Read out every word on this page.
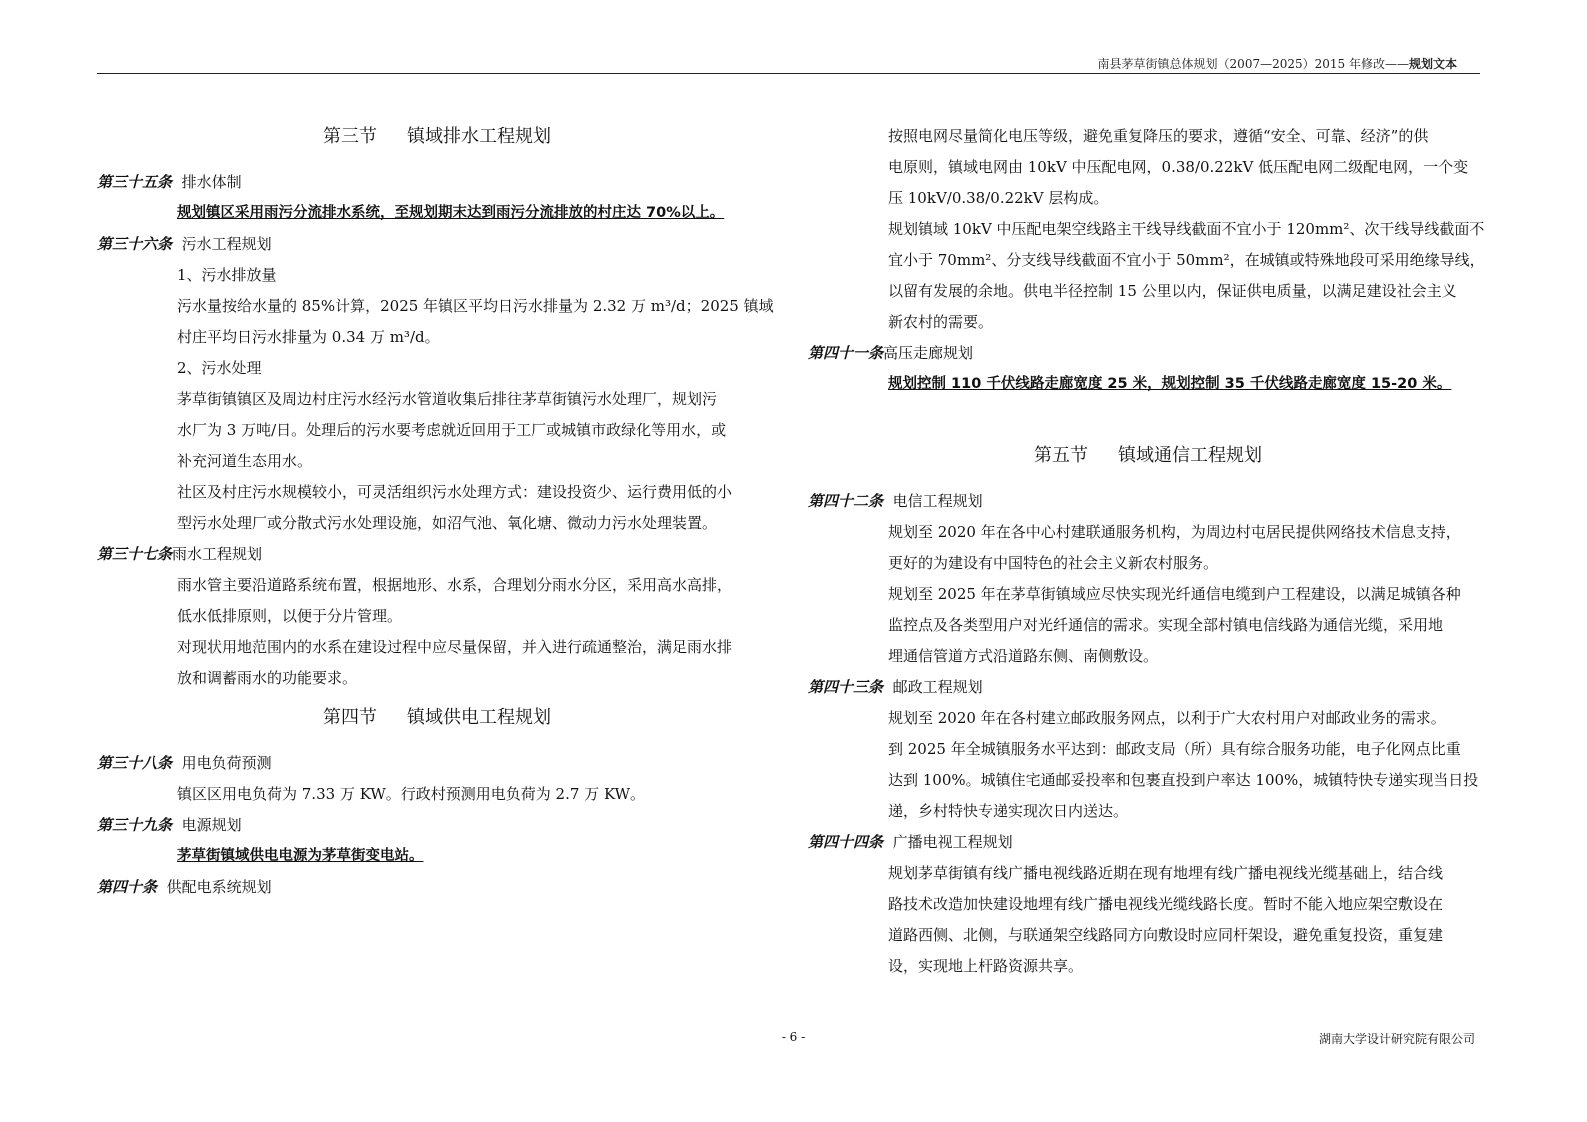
南县茅草街镇总体规划（2007—2025）2015 年修改——规划文本
第三节 镇域排水工程规划
第三十五条 排水体制
规划镇区采用雨污分流排水系统，至规划期末达到雨污分流排放的村庄达 70%以上。
第三十六条 污水工程规划
1、污水排放量
污水量按给水量的 85%计算，2025 年镇区平均日污水排量为 2.32 万 m³/d；2025 镇域
村庄平均日污水排量为 0.34 万 m³/d。
2、污水处理
茅草街镇镇区及周边村庄污水经污水管道收集后排往茅草街镇污水处理厂，规划污
水厂为 3 万吨/日。处理后的污水要考虑就近回用于工厂或城镇市政绿化等用水，或
补充河道生态用水。
社区及村庄污水规模较小，可灵活组织污水处理方式：建设投资少、运行费用低的小
型污水处理厂或分散式污水处理设施，如沼气池、氧化塘、微动力污水处理装置。
第三十七条雨水工程规划
雨水管主要沿道路系统布置，根据地形、水系，合理划分雨水分区，采用高水高排，
低水低排原则，以便于分片管理。
对现状用地范围内的水系在建设过程中应尽量保留，并入进行疏通整治，满足雨水排
放和调蓄雨水的功能要求。
第四节 镇域供电工程规划
第三十八条 用电负荷预测
镇区区用电负荷为 7.33 万 KW。行政村预测用电负荷为 2.7 万 KW。
第三十九条 电源规划
茅草街镇域供电电源为茅草街变电站。
第四十条 供配电系统规划
按照电网尽量简化电压等级，避免重复降压的要求，遵循“安全、可靠、经济”的供
电原则，镇域电网由 10kV 中压配电网，0.38/0.22kV 低压配电网二级配电网，一个变
压 10kV/0.38/0.22kV 层构成。
规划镇域 10kV 中压配电架空线路主干线导线截面不宜小于 120mm²、次干线导线截面不
宜小于 70mm²、分支线导线截面不宜小于 50mm²，在城镇或特殊地段可采用绝缘导线，
以留有发展的余地。供电半径控制 15 公里以内，保证供电质量，以满足建设社会主义
新农村的需要。
第四十一条高压走廊规划
规划控制 110 千伏线路走廊宽度 25 米，规划控制 35 千伏线路走廊宽度 15-20 米。
第五节 镇域通信工程规划
第四十二条 电信工程规划
规划至 2020 年在各中心村建联通服务机构，为周边村屯居民提供网络技术信息支持，
更好的为建设有中国特色的社会主义新农村服务。
规划至 2025 年在茅草街镇域应尽快实现光纤通信电缆到户工程建设，以满足城镇各种
监控点及各类型用户对光纤通信的需求。实现全部村镇电信线路为通信光缆，采用地
埋通信管道方式沿道路东侧、南侧敷设。
第四十三条 邮政工程规划
规划至 2020 年在各村建立邮政服务网点，以利于广大农村用户对邮政业务的需求。
到 2025 年全城镇服务水平达到：邮政支局（所）具有综合服务功能，电子化网点比重
达到 100%。城镇住宅通邮妥投率和包裹直投到户率达 100%，城镇特快专递实现当日投
递，乡村特快专递实现次日内送达。
第四十四条 广播电视工程规划
规划茅草街镇有线广播电视线路近期在现有地埋有线广播电视线光缆基础上，结合线
路技术改造加快建设地埋有线广播电视线光缆线路长度。暂时不能入地应架空敷设在
道路西侧、北侧，与联通架空线路同方向敷设时应同杆架设，避免重复投资，重复建
设，实现地上杆路资源共享。
- 6 -	湖南大学设计研究院有限公司
